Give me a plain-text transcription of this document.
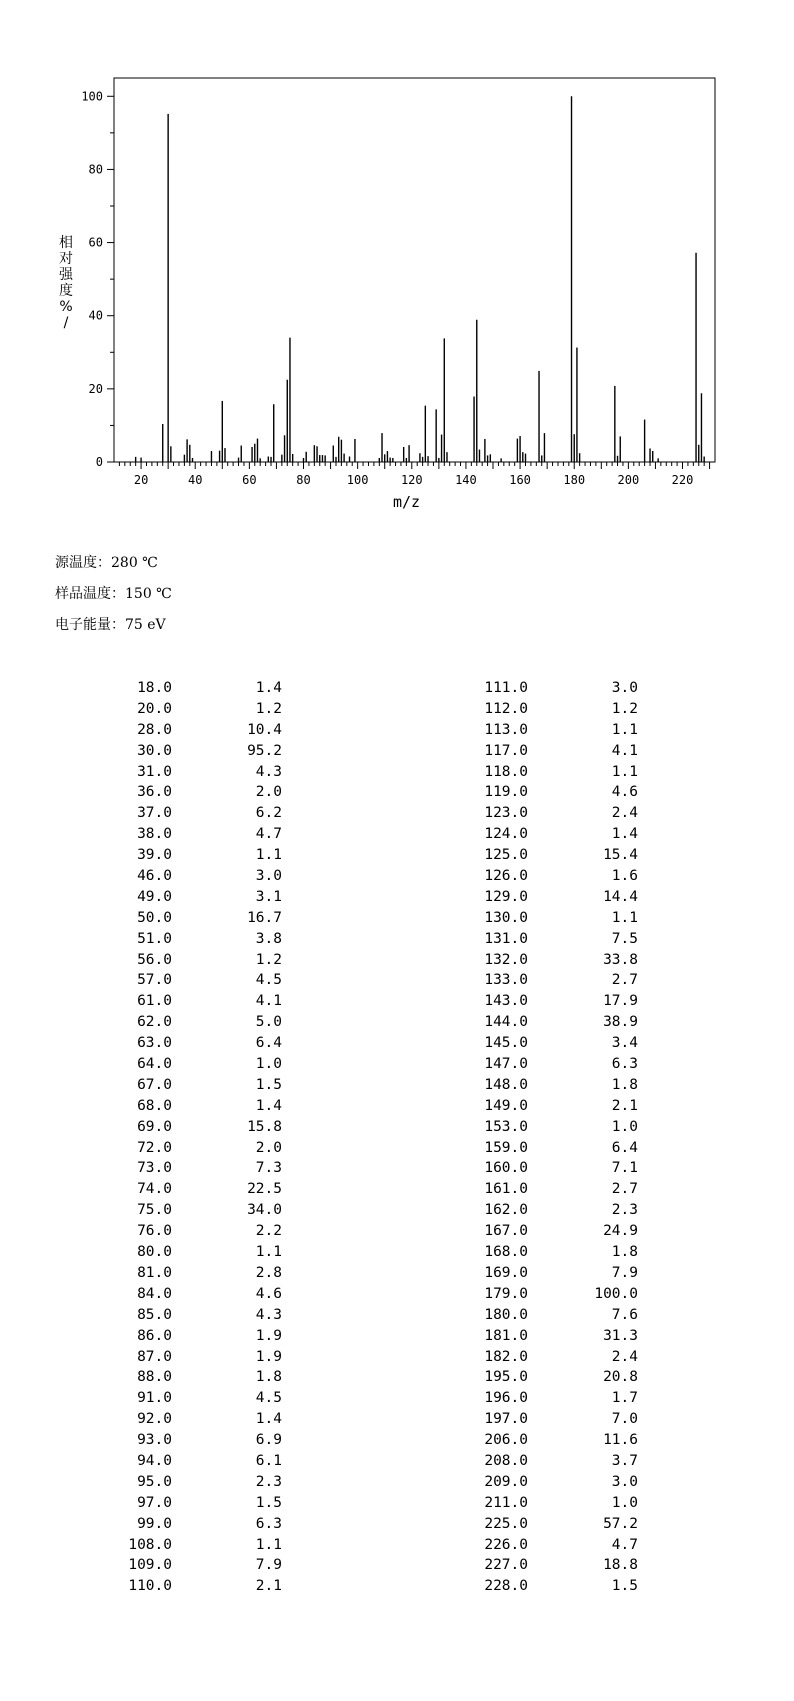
0
20
40
60
80
100
20	40	60	80	100	120	140	160	180	200	220
m/z
相对强度% /
源温度：280 ℃
样品温度：150 ℃
电子能量：75 eV
18.0	1.4
20.0	1.2
28.0	10.4
30.0	95.2
31.0	4.3
36.0	2.0
37.0	6.2
38.0	4.7
39.0	1.1
46.0	3.0
49.0	3.1
50.0	16.7
51.0	3.8
56.0	1.2
57.0	4.5
61.0	4.1
62.0	5.0
63.0	6.4
64.0	1.0
67.0	1.5
68.0	1.4
69.0	15.8
72.0	2.0
73.0	7.3
74.0	22.5
75.0	34.0
76.0	2.2
80.0	1.1
81.0	2.8
84.0	4.6
85.0	4.3
86.0	1.9
87.0	1.9
88.0	1.8
91.0	4.5
92.0	1.4
93.0	6.9
94.0	6.1
95.0	2.3
97.0	1.5
99.0	6.3
108.0	1.1
109.0	7.9
110.0	2.1
111.0	3.0
112.0	1.2
113.0	1.1
117.0	4.1
118.0	1.1
119.0	4.6
123.0	2.4
124.0	1.4
125.0	15.4
126.0	1.6
129.0	14.4
130.0	1.1
131.0	7.5
132.0	33.8
133.0	2.7
143.0	17.9
144.0	38.9
145.0	3.4
147.0	6.3
148.0	1.8
149.0	2.1
153.0	1.0
159.0	6.4
160.0	7.1
161.0	2.7
162.0	2.3
167.0	24.9
168.0	1.8
169.0	7.9
179.0	100.0
180.0	7.6
181.0	31.3
182.0	2.4
195.0	20.8
196.0	1.7
197.0	7.0
206.0	11.6
208.0	3.7
209.0	3.0
211.0	1.0
225.0	57.2
226.0	4.7
227.0	18.8
228.0	1.5
